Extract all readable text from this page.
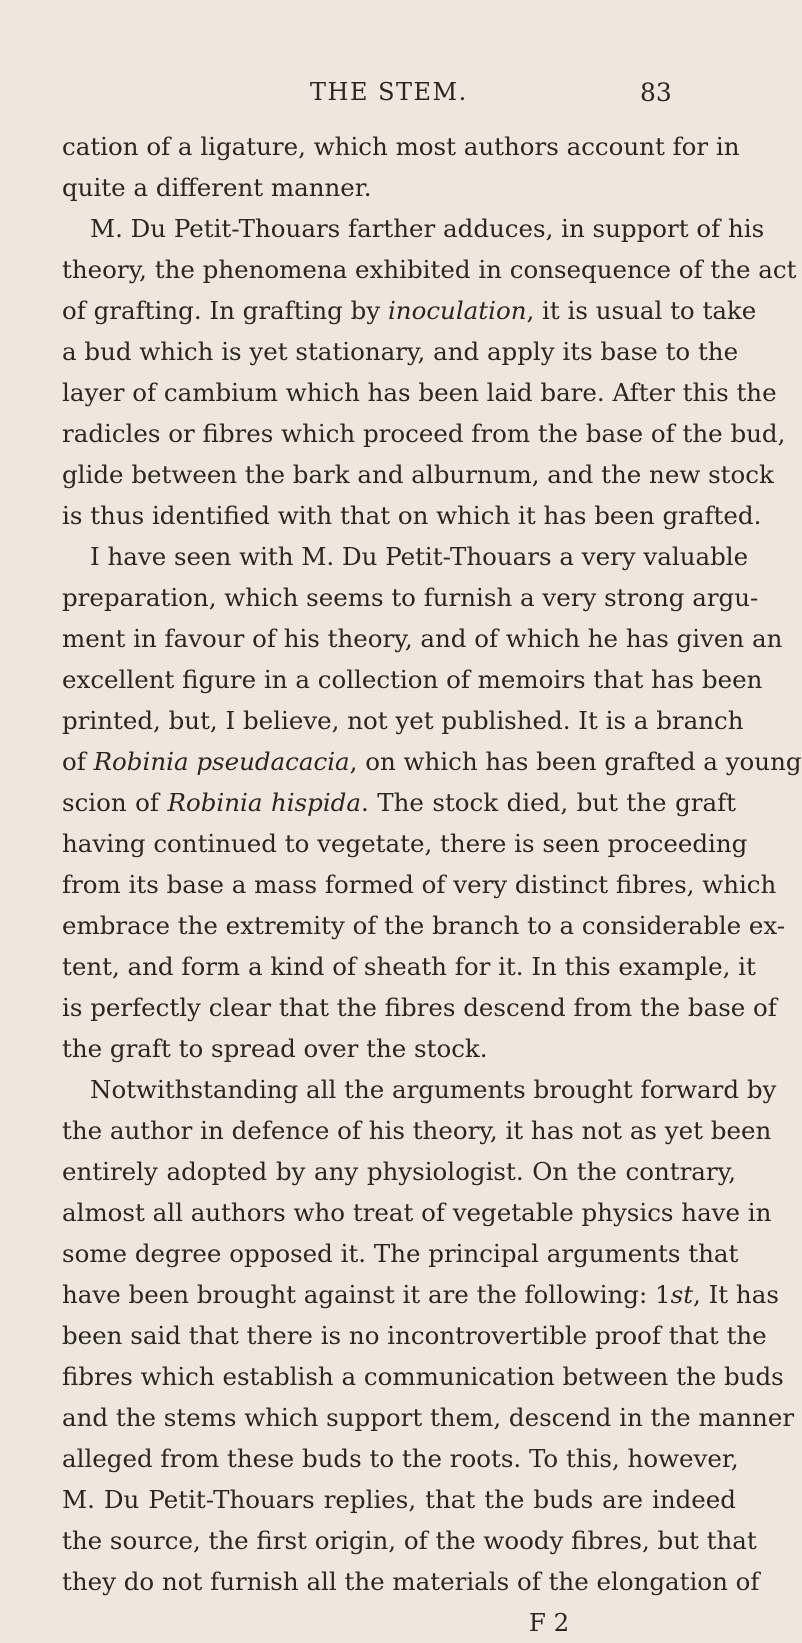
THE STEM.	83
cation of a ligature, which most authors account for in
quite a different manner.
M. Du Petit-Thouars farther adduces, in support of his
theory, the phenomena exhibited in consequence of the act
of grafting. In grafting by inoculation, it is usual to take
a bud which is yet stationary, and apply its base to the
layer of cambium which has been laid bare. After this the
radicles or fibres which proceed from the base of the bud,
glide between the bark and alburnum, and the new stock
is thus identified with that on which it has been grafted.
I have seen with M. Du Petit-Thouars a very valuable
preparation, which seems to furnish a very strong argu-
ment in favour of his theory, and of which he has given an
excellent figure in a collection of memoirs that has been
printed, but, I believe, not yet published. It is a branch
of Robinia pseudacacia, on which has been grafted a young
scion of Robinia hispida. The stock died, but the graft
having continued to vegetate, there is seen proceeding
from its base a mass formed of very distinct fibres, which
embrace the extremity of the branch to a considerable ex-
tent, and form a kind of sheath for it. In this example, it
is perfectly clear that the fibres descend from the base of
the graft to spread over the stock.
Notwithstanding all the arguments brought forward by
the author in defence of his theory, it has not as yet been
entirely adopted by any physiologist. On the contrary,
almost all authors who treat of vegetable physics have in
some degree opposed it. The principal arguments that
have been brought against it are the following: 1st, It has
been said that there is no incontrovertible proof that the
fibres which establish a communication between the buds
and the stems which support them, descend in the manner
alleged from these buds to the roots. To this, however,
M. Du Petit-Thouars replies, that the buds are indeed
the source, the first origin, of the woody fibres, but that
they do not furnish all the materials of the elongation of
F 2
